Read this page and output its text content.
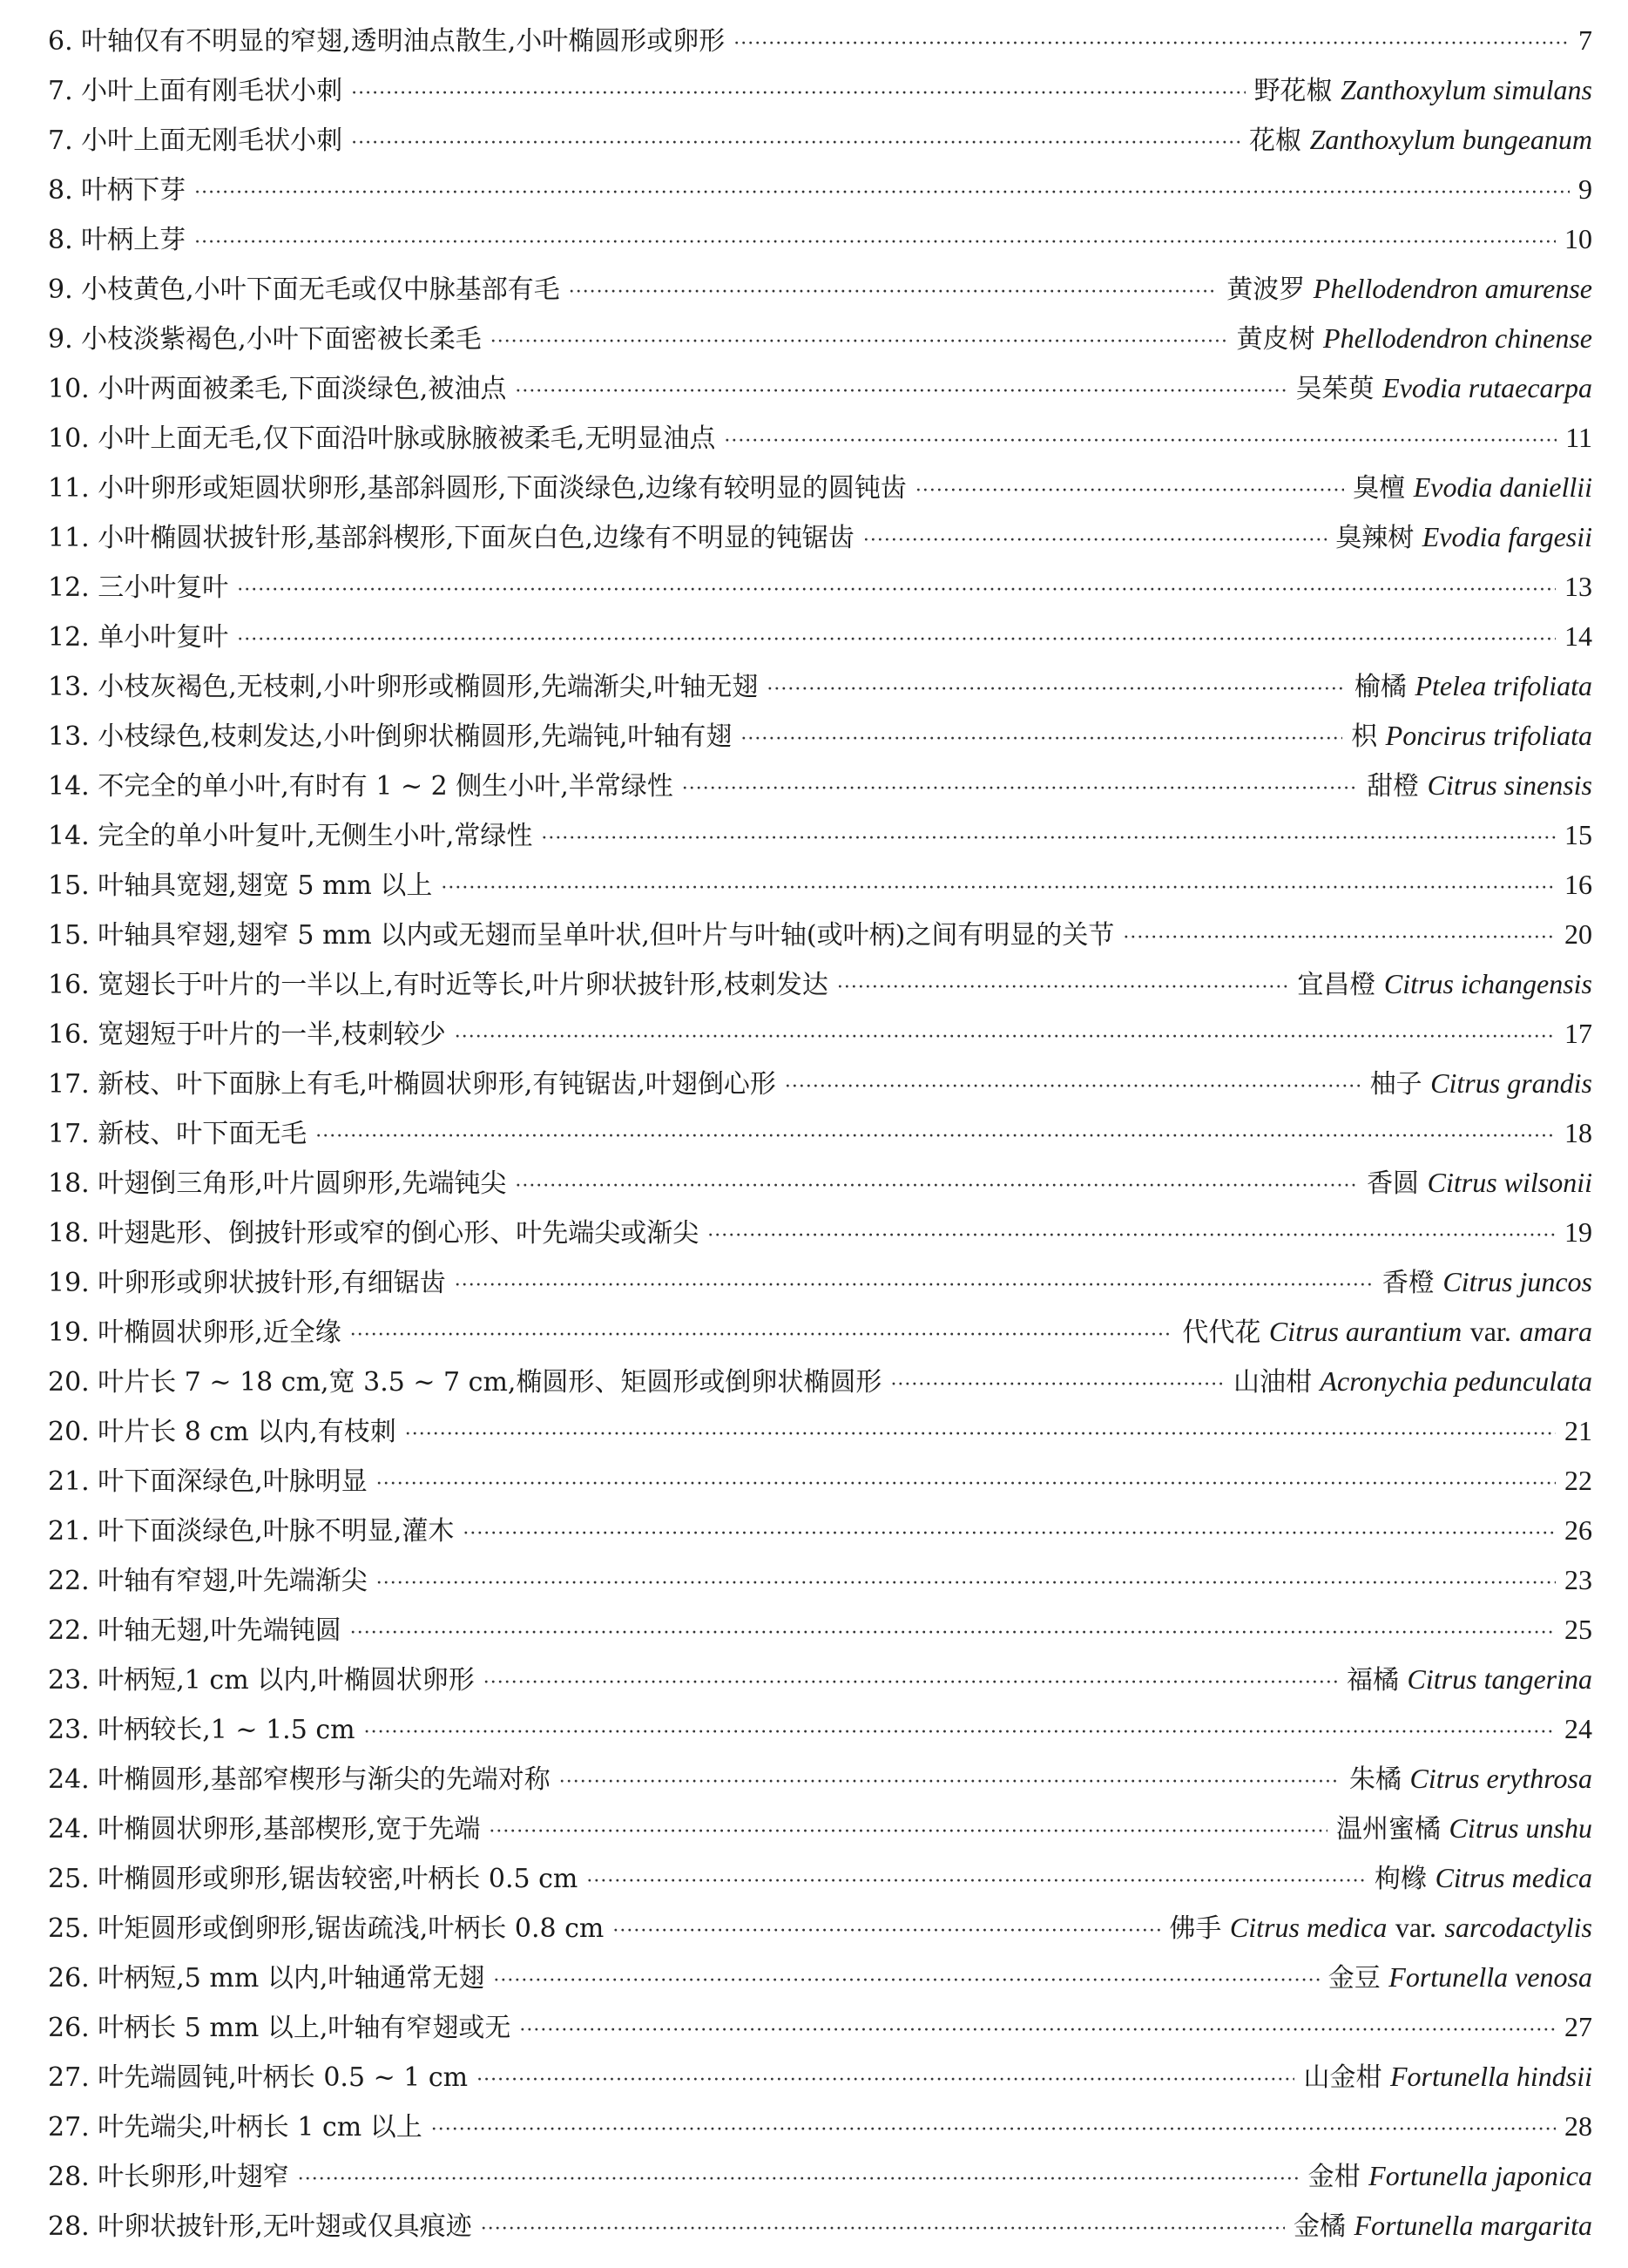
6. 叶轴仅有不明显的窄翅,透明油点散生,小叶椭圆形或卵形 ·····	7
7. 小叶上面有刚毛状小刺 ·····	野花椒 Zanthoxylum simulans
7. 小叶上面无刚毛状小刺 ·····	花椒 Zanthoxylum bungeanum
8. 叶柄下芽 ·····	9
8. 叶柄上芽 ·····	10
9. 小枝黄色,小叶下面无毛或仅中脉基部有毛 ·····	黄波罗 Phellodendron amurense
9. 小枝淡紫褐色,小叶下面密被长柔毛 ·····	黄皮树 Phellodendron chinense
10. 小叶两面被柔毛,下面淡绿色,被油点 ·····	吴茱萸 Evodia rutaecarpa
10. 小叶上面无毛,仅下面沿叶脉或脉腋被柔毛,无明显油点 ·····	11
11. 小叶卵形或矩圆状卵形,基部斜圆形,下面淡绿色,边缘有较明显的圆钝齿 ·····	臭檀 Evodia daniellii
11. 小叶椭圆状披针形,基部斜楔形,下面灰白色,边缘有不明显的钝锯齿 ·····	臭辣树 Evodia fargesii
12. 三小叶复叶 ·····	13
12. 单小叶复叶 ·····	14
13. 小枝灰褐色,无枝刺,小叶卵形或椭圆形,先端渐尖,叶轴无翅 ·····	榆橘 Ptelea trifoliata
13. 小枝绿色,枝刺发达,小叶倒卵状椭圆形,先端钝,叶轴有翅 ·····	枳 Poncirus trifoliata
14. 不完全的单小叶,有时有 1 ~ 2 侧生小叶,半常绿性 ·····	甜橙 Citrus sinensis
14. 完全的单小叶复叶,无侧生小叶,常绿性 ·····	15
15. 叶轴具宽翅,翅宽 5 mm 以上 ·····	16
15. 叶轴具窄翅,翅窄 5 mm 以内或无翅而呈单叶状,但叶片与叶轴(或叶柄)之间有明显的关节 ·····	20
16. 宽翅长于叶片的一半以上,有时近等长,叶片卵状披针形,枝刺发达 ·····	宜昌橙 Citrus ichangensis
16. 宽翅短于叶片的一半,枝刺较少 ·····	17
17. 新枝、叶下面脉上有毛,叶椭圆状卵形,有钝锯齿,叶翅倒心形 ·····	柚子 Citrus grandis
17. 新枝、叶下面无毛 ·····	18
18. 叶翅倒三角形,叶片圆卵形,先端钝尖 ·····	香圆 Citrus wilsonii
18. 叶翅匙形、倒披针形或窄的倒心形、叶先端尖或渐尖 ·····	19
19. 叶卵形或卵状披针形,有细锯齿 ·····	香橙 Citrus juncos
19. 叶椭圆状卵形,近全缘 ·····	代代花 Citrus aurantium var. amara
20. 叶片长 7 ~ 18 cm,宽 3.5 ~ 7 cm,椭圆形、矩圆形或倒卵状椭圆形 ·····	山油柑 Acronychia pedunculata
20. 叶片长 8 cm 以内,有枝刺 ·····	21
21. 叶下面深绿色,叶脉明显 ·····	22
21. 叶下面淡绿色,叶脉不明显,灌木 ·····	26
22. 叶轴有窄翅,叶先端渐尖 ·····	23
22. 叶轴无翅,叶先端钝圆 ·····	25
23. 叶柄短,1 cm 以内,叶椭圆状卵形 ·····	福橘 Citrus tangerina
23. 叶柄较长,1 ~ 1.5 cm ·····	24
24. 叶椭圆形,基部窄楔形与渐尖的先端对称 ·····	朱橘 Citrus erythrosa
24. 叶椭圆状卵形,基部楔形,宽于先端 ·····	温州蜜橘 Citrus unshu
25. 叶椭圆形或卵形,锯齿较密,叶柄长 0.5 cm ·····	枸橼 Citrus medica
25. 叶矩圆形或倒卵形,锯齿疏浅,叶柄长 0.8 cm ·····	佛手 Citrus medica var. sarcodactylis
26. 叶柄短,5 mm 以内,叶轴通常无翅 ·····	金豆 Fortunella venosa
26. 叶柄长 5 mm 以上,叶轴有窄翅或无 ·····	27
27. 叶先端圆钝,叶柄长 0.5 ~ 1 cm ·····	山金柑 Fortunella hindsii
27. 叶先端尖,叶柄长 1 cm 以上 ·····	28
28. 叶长卵形,叶翅窄 ·····	金柑 Fortunella japonica
28. 叶卵状披针形,无叶翅或仅具痕迹 ·····	金橘 Fortunella margarita
